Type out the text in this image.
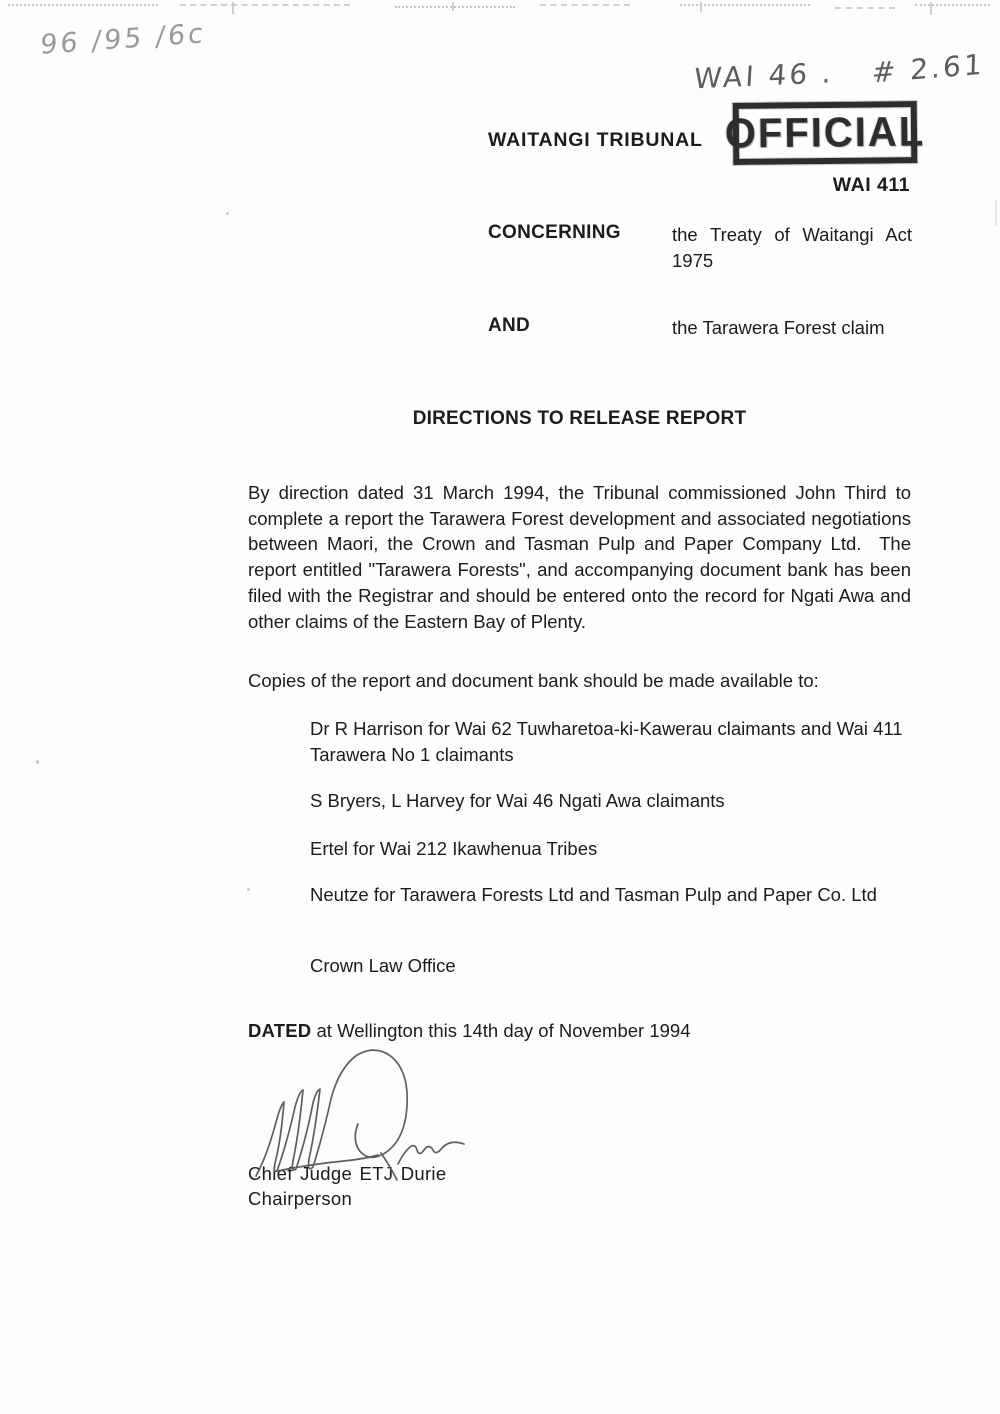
96 /95 /6c
WAI 46 . # 2.61
WAITANGI TRIBUNAL OFFICIAL
WAI 411
CONCERNING	the Treaty of Waitangi Act 1975
AND	the Tarawera Forest claim
DIRECTIONS TO RELEASE REPORT
By direction dated 31 March 1994, the Tribunal commissioned John Third to complete a report the Tarawera Forest development and associated negotiations between Maori, the Crown and Tasman Pulp and Paper Company Ltd.  The report entitled "Tarawera Forests", and accompanying document bank has been filed with the Registrar and should be entered onto the record for Ngati Awa and other claims of the Eastern Bay of Plenty.
Copies of the report and document bank should be made available to:
Dr R Harrison for Wai 62 Tuwharetoa-ki-Kawerau claimants and Wai 411 Tarawera No 1 claimants
S Bryers, L Harvey for Wai 46 Ngati Awa claimants
Ertel for Wai 212 Ikawhenua Tribes
Neutze for Tarawera Forests Ltd and Tasman Pulp and Paper Co. Ltd
Crown Law Office
DATED at Wellington this 14th day of November 1994
Chief Judge ETJ Durie
Chairperson
